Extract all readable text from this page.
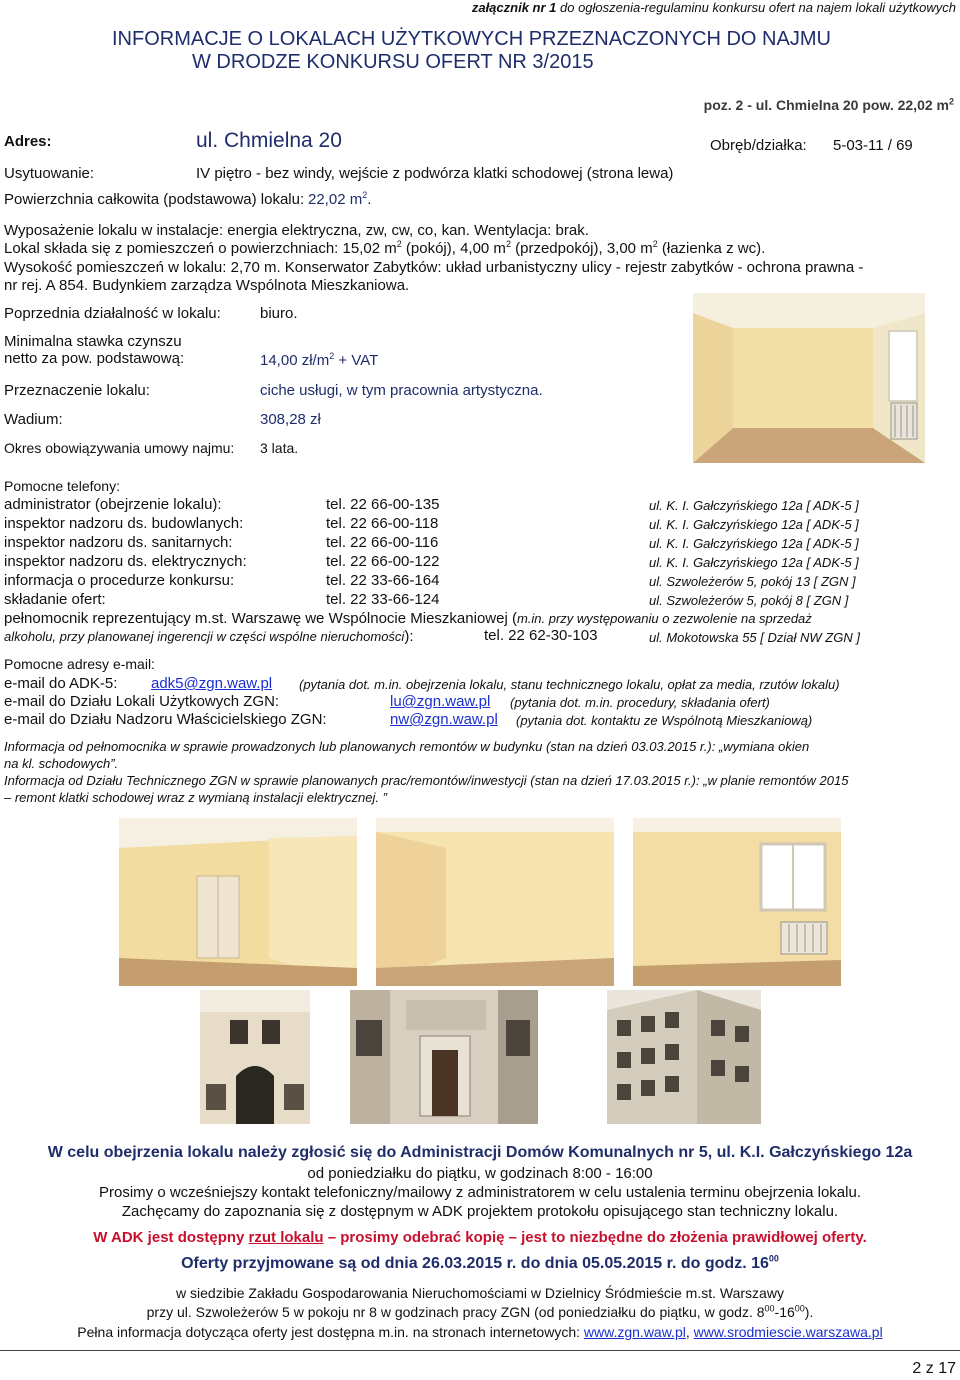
załącznik nr 1 do ogłoszenia-regulaminu konkursu ofert na najem lokali użytkowych
INFORMACJE O LOKALACH UŻYTKOWYCH PRZEZNACZONYCH DO NAJMU
W DRODZE KONKURSU OFERT NR 3/2015
poz. 2 - ul. Chmielna 20 pow. 22,02 $m^2$
Adres:	ul. Chmielna 20	Obręb/działka: 5-03-11 / 69
Usytuowanie:	IV piętro - bez windy, wejście z podwórza klatki schodowej (strona lewa)
Powierzchnia całkowita (podstawowa) lokalu: 22,02 $m^2$.
Wyposażenie lokalu w instalacje: energia elektryczna, zw, cw, co, kan. Wentylacja: brak.
Lokal składa się z pomieszczeń o powierzchniach: 15,02 $m^2$ (pokój), 4,00 $m^2$ (przedpokój), 3,00 $m^2$ (łazienka z wc).
Wysokość pomieszczeń w lokalu: 2,70 m. Konserwator Zabytków: układ urbanistyczny ulicy - rejestr zabytków - ochrona prawna -
nr rej. A 854. Budynkiem zarządza Wspólnota Mieszkaniowa.
Poprzednia działalność w lokalu:	biuro.
Minimalna stawka czynszu
netto za pow. podstawową:	14,00 $zł/m^2$ + VAT
Przeznaczenie lokalu:	ciche usługi, w tym pracownia artystyczna.
Wadium:	308,28 zł
Okres obowiązywania umowy najmu: 3 lata.
Pomocne telefony:
administrator (obejrzenie lokalu):	tel. 22 66-00-135	ul. K. I. Gałczyńskiego 12a [ ADK-5 ]
inspektor nadzoru ds. budowlanych:	tel. 22 66-00-118	ul. K. I. Gałczyńskiego 12a [ ADK-5 ]
inspektor nadzoru ds. sanitarnych:	tel. 22 66-00-116	ul. K. I. Gałczyńskiego 12a [ ADK-5 ]
inspektor nadzoru ds. elektrycznych:	tel. 22 66-00-122	ul. K. I. Gałczyńskiego 12a [ ADK-5 ]
informacja o procedurze konkursu:	tel. 22 33-66-164	ul. Szwoleżerów 5, pokój 13 [ ZGN ]
składanie ofert:	tel. 22 33-66-124	ul. Szwoleżerów 5, pokój 8 [ ZGN ]
pełnomocnik reprezentujący m.st. Warszawę we Wspólnocie Mieszkaniowej (m.in. przy występowaniu o zezwolenie na sprzedaż
alkoholu, przy planowanej ingerencji w części wspólne nieruchomości):	tel. 22 62-30-103	ul. Mokotowska 55 [ Dział NW ZGN ]
Pomocne adresy e-mail:
e-mail do ADK-5: adk5@zgn.waw.pl (pytania dot. m.in. obejrzenia lokalu, stanu technicznego lokalu, opłat za media, rzutów lokalu)
e-mail do Działu Lokali Użytkowych ZGN:	lu@zgn.waw.pl (pytania dot. m.in. procedury, składania ofert)
e-mail do Działu Nadzoru Właścicielskiego ZGN:	nw@zgn.waw.pl (pytania dot. kontaktu ze Wspólnotą Mieszkaniową)
Informacja od pełnomocnika w sprawie prowadzonych lub planowanych remontów w budynku (stan na dzień 03.03.2015 r.): „wymiana okien
na kl. schodowych”.
Informacja od Działu Technicznego ZGN w sprawie planowanych prac/remontów/inwestycji (stan na dzień 17.03.2015 r.): „w planie remontów 2015
– remont klatki schodowej wraz z wymianą instalacji elektrycznej. ”
W celu obejrzenia lokalu należy zgłosić się do Administracji Domów Komunalnych nr 5, ul. K.I. Gałczyńskiego 12a
od poniedziałku do piątku, w godzinach 8:00 - 16:00
Prosimy o wcześniejszy kontakt telefoniczny/mailowy z administratorem w celu ustalenia terminu obejrzenia lokalu.
Zachęcamy do zapoznania się z dostępnym w ADK projektem protokołu opisującego stan techniczny lokalu.
W ADK jest dostępny rzut lokalu – prosimy odebrać kopię – jest to niezbędne do złożenia prawidłowej oferty.
Oferty przyjmowane są od dnia 26.03.2015 r. do dnia 05.05.2015 r. do godz. $16^{00}$
w siedzibie Zakładu Gospodarowania Nieruchomościami w Dzielnicy Śródmieście m.st. Warszawy
przy ul. Szwoleżerów 5 w pokoju nr 8 w godzinach pracy ZGN (od poniedziałku do piątku, w godz. $8^{00}-16^{00}$).
Pełna informacja dotycząca oferty jest dostępna m.in. na stronach internetowych: www.zgn.waw.pl, www.srodmiescie.warszawa.pl
2 z 17
